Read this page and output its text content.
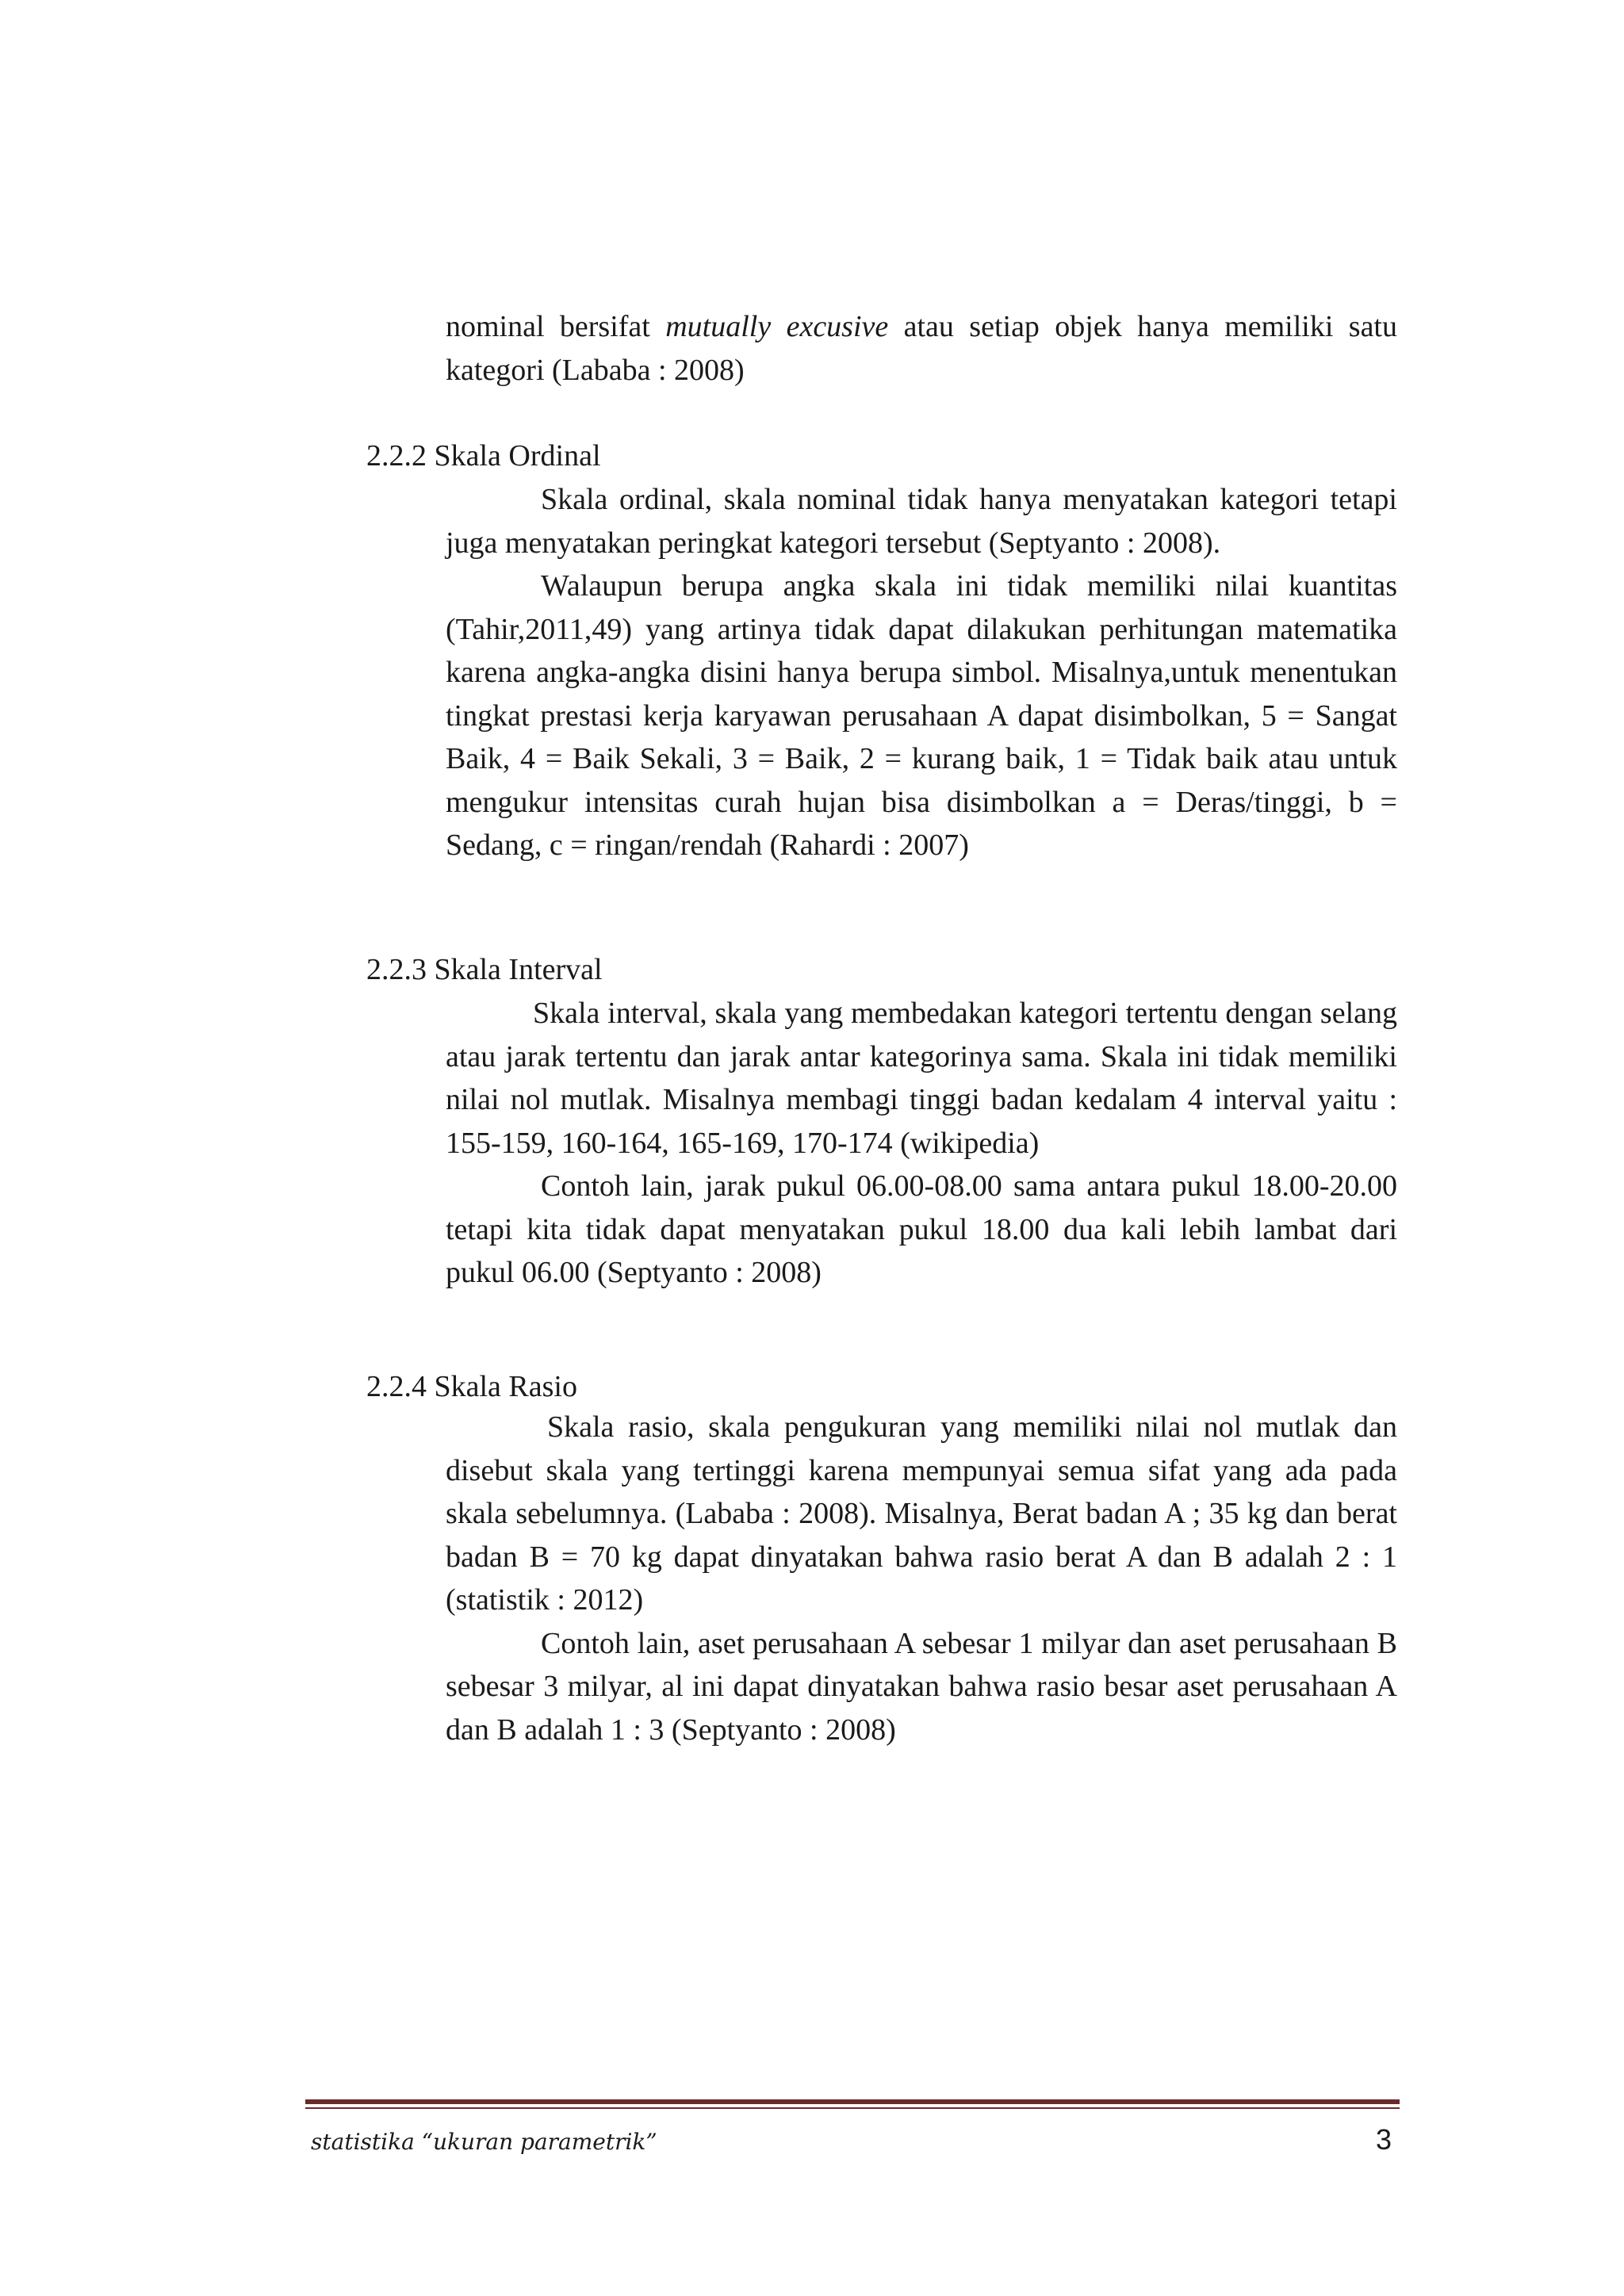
nominal bersifat mutually excusive atau setiap objek hanya memiliki satu kategori (Lababa : 2008)

2.2.2 Skala Ordinal

Skala ordinal, skala nominal tidak hanya menyatakan kategori tetapi juga menyatakan peringkat kategori tersebut (Septyanto : 2008).

Walaupun berupa angka skala ini tidak memiliki nilai kuantitas (Tahir,2011,49) yang artinya tidak dapat dilakukan perhitungan matematika karena angka-angka disini hanya berupa simbol. Misalnya,untuk menentukan tingkat prestasi kerja karyawan perusahaan A dapat disimbolkan, 5 = Sangat Baik, 4 = Baik Sekali, 3 = Baik, 2 = kurang baik, 1 = Tidak baik atau untuk mengukur intensitas curah hujan bisa disimbolkan a = Deras/tinggi, b = Sedang, c = ringan/rendah (Rahardi : 2007)

2.2.3 Skala Interval

Skala interval, skala yang membedakan kategori tertentu dengan selang atau jarak tertentu dan jarak antar kategorinya sama. Skala ini tidak memiliki nilai nol mutlak. Misalnya membagi tinggi badan kedalam 4 interval yaitu : 155-159, 160-164, 165-169, 170-174 (wikipedia)

Contoh lain, jarak pukul 06.00-08.00 sama antara pukul 18.00-20.00 tetapi kita tidak dapat menyatakan pukul 18.00 dua kali lebih lambat dari pukul 06.00 (Septyanto : 2008)

2.2.4 Skala Rasio

Skala rasio, skala pengukuran yang memiliki nilai nol mutlak dan disebut skala yang tertinggi karena mempunyai semua sifat yang ada pada skala sebelumnya. (Lababa : 2008). Misalnya, Berat badan A ; 35 kg dan berat badan B = 70 kg dapat dinyatakan bahwa rasio berat A dan B adalah 2 : 1 (statistik : 2012)

Contoh lain, aset perusahaan A sebesar 1 milyar dan aset perusahaan B sebesar 3 milyar, al ini dapat dinyatakan bahwa rasio besar aset perusahaan A dan B adalah 1 : 3 (Septyanto : 2008)

statistika “ukuran parametrik”	3
